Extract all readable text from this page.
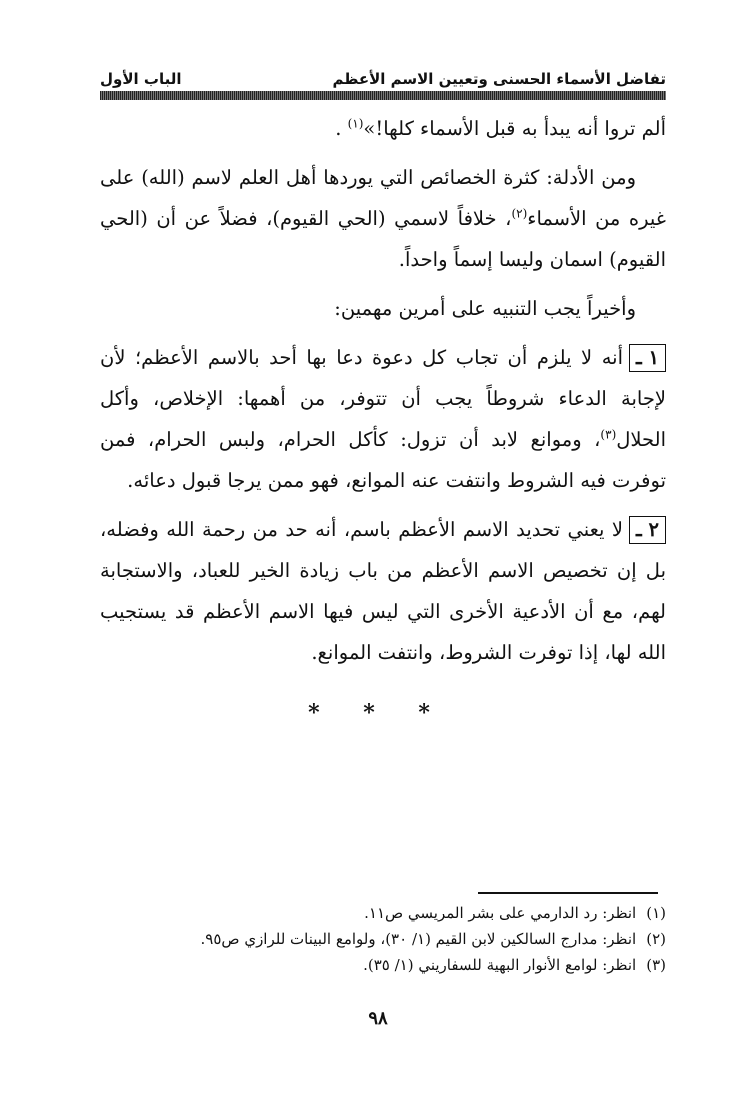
تفاضل الأسماء الحسنى وتعيين الاسم الأعظم
الباب الأول

ألم تروا أنه يبدأ به قبل الأسماء كلها!»$^{(١)}$ .

ومن الأدلة: كثرة الخصائص التي يوردها أهل العلم لاسم (الله) على غيره من الأسماء$^{(٢)}$، خلافاً لاسمي (الحي القيوم)، فضلاً عن أن (الحي القيوم) اسمان وليسا إسماً واحداً.

وأخيراً يجب التنبيه على أمرين مهمين:

١ ـأنه لا يلزم أن تجاب كل دعوة دعا بها أحد بالاسم الأعظم؛ لأن لإجابة الدعاء شروطاً يجب أن تتوفر، من أهمها: الإخلاص، وأكل الحلال$^{(٣)}$، وموانع لابد أن تزول: كأكل الحرام، ولبس الحرام، فمن توفرت فيه الشروط وانتفت عنه الموانع، فهو ممن يرجا قبول دعائه.

٢ ـلا يعني تحديد الاسم الأعظم باسم، أنه حد من رحمة الله وفضله، بل إن تخصيص الاسم الأعظم من باب زيادة الخير للعباد، والاستجابة لهم، مع أن الأدعية الأخرى التي ليس فيها الاسم الأعظم قد يستجيب الله لها، إذا توفرت الشروط، وانتفت الموانع.

* * *

(١)انظر: رد الدارمي على بشر المريسي ص١١.

(٢)انظر: مدارج السالكين لابن القيم (١/ ٣٠)، ولوامع البينات للرازي ص٩٥.

(٣)انظر: لوامع الأنوار البهية للسفاريني (١/ ٣٥).

٩٨
